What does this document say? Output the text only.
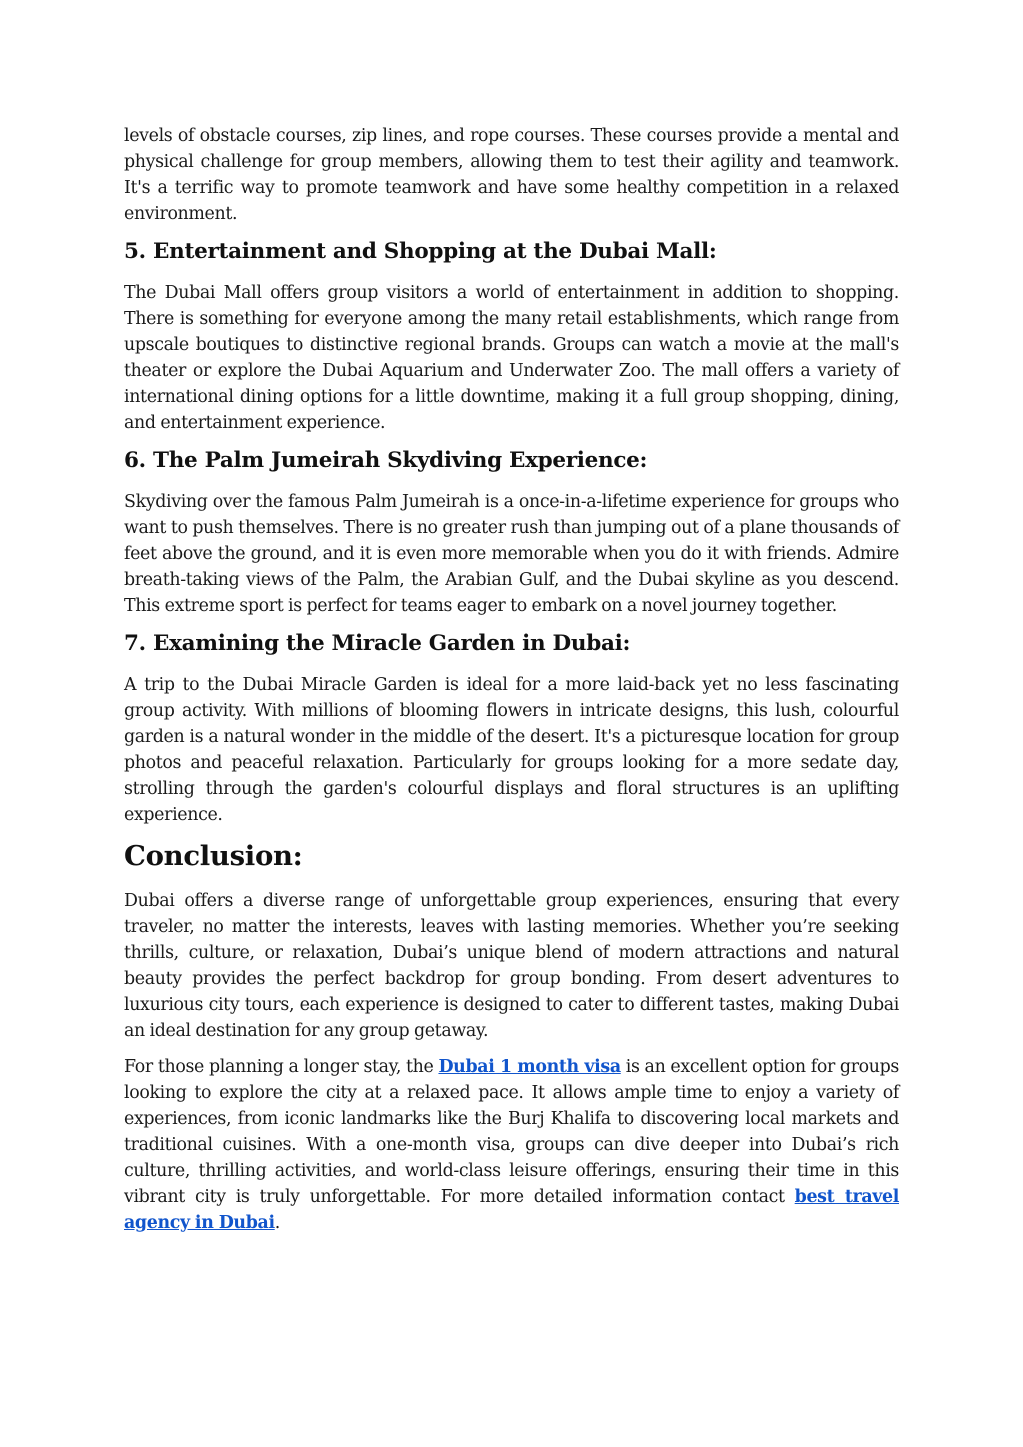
levels of obstacle courses, zip lines, and rope courses. These courses provide a mental and physical challenge for group members, allowing them to test their agility and teamwork. It's a terrific way to promote teamwork and have some healthy competition in a relaxed environment.

5. Entertainment and Shopping at the Dubai Mall:

The Dubai Mall offers group visitors a world of entertainment in addition to shopping. There is something for everyone among the many retail establishments, which range from upscale boutiques to distinctive regional brands. Groups can watch a movie at the mall's theater or explore the Dubai Aquarium and Underwater Zoo. The mall offers a variety of international dining options for a little downtime, making it a full group shopping, dining, and entertainment experience.

6. The Palm Jumeirah Skydiving Experience:

Skydiving over the famous Palm Jumeirah is a once-in-a-lifetime experience for groups who want to push themselves. There is no greater rush than jumping out of a plane thousands of feet above the ground, and it is even more memorable when you do it with friends. Admire breath-taking views of the Palm, the Arabian Gulf, and the Dubai skyline as you descend. This extreme sport is perfect for teams eager to embark on a novel journey together.

7. Examining the Miracle Garden in Dubai:

A trip to the Dubai Miracle Garden is ideal for a more laid-back yet no less fascinating group activity. With millions of blooming flowers in intricate designs, this lush, colourful garden is a natural wonder in the middle of the desert. It's a picturesque location for group photos and peaceful relaxation. Particularly for groups looking for a more sedate day, strolling through the garden's colourful displays and floral structures is an uplifting experience.

Conclusion:

Dubai offers a diverse range of unforgettable group experiences, ensuring that every traveler, no matter the interests, leaves with lasting memories. Whether you’re seeking thrills, culture, or relaxation, Dubai’s unique blend of modern attractions and natural beauty provides the perfect backdrop for group bonding. From desert adventures to luxurious city tours, each experience is designed to cater to different tastes, making Dubai an ideal destination for any group getaway.

For those planning a longer stay, the Dubai 1 month visa is an excellent option for groups looking to explore the city at a relaxed pace. It allows ample time to enjoy a variety of experiences, from iconic landmarks like the Burj Khalifa to discovering local markets and traditional cuisines. With a one-month visa, groups can dive deeper into Dubai’s rich culture, thrilling activities, and world-class leisure offerings, ensuring their time in this vibrant city is truly unforgettable. For more detailed information contact best travel agency in Dubai.
